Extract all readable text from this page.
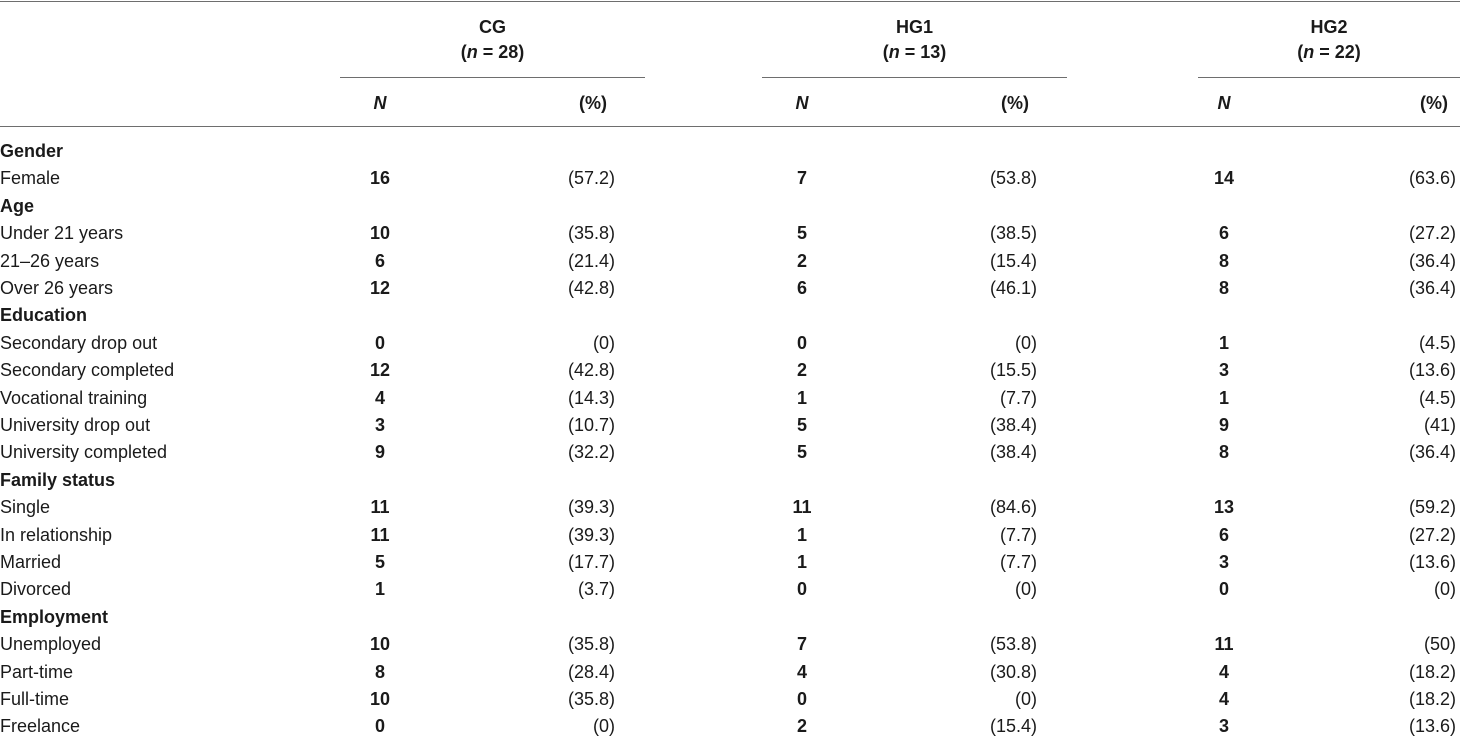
CG
(n = 28)
HG1
(n = 13)
HG2
(n = 22)
N	(%)	N	(%)	N	(%)
Gender
Female	16	(57.2)	7	(53.8)	14	(63.6)
Age
Under 21 years	10	(35.8)	5	(38.5)	6	(27.2)
21–26 years	6	(21.4)	2	(15.4)	8	(36.4)
Over 26 years	12	(42.8)	6	(46.1)	8	(36.4)
Education
Secondary drop out	0	(0)	0	(0)	1	(4.5)
Secondary completed	12	(42.8)	2	(15.5)	3	(13.6)
Vocational training	4	(14.3)	1	(7.7)	1	(4.5)
University drop out	3	(10.7)	5	(38.4)	9	(41)
University completed	9	(32.2)	5	(38.4)	8	(36.4)
Family status
Single	11	(39.3)	11	(84.6)	13	(59.2)
In relationship	11	(39.3)	1	(7.7)	6	(27.2)
Married	5	(17.7)	1	(7.7)	3	(13.6)
Divorced	1	(3.7)	0	(0)	0	(0)
Employment
Unemployed	10	(35.8)	7	(53.8)	11	(50)
Part-time	8	(28.4)	4	(30.8)	4	(18.2)
Full-time	10	(35.8)	0	(0)	4	(18.2)
Freelance	0	(0)	2	(15.4)	3	(13.6)
